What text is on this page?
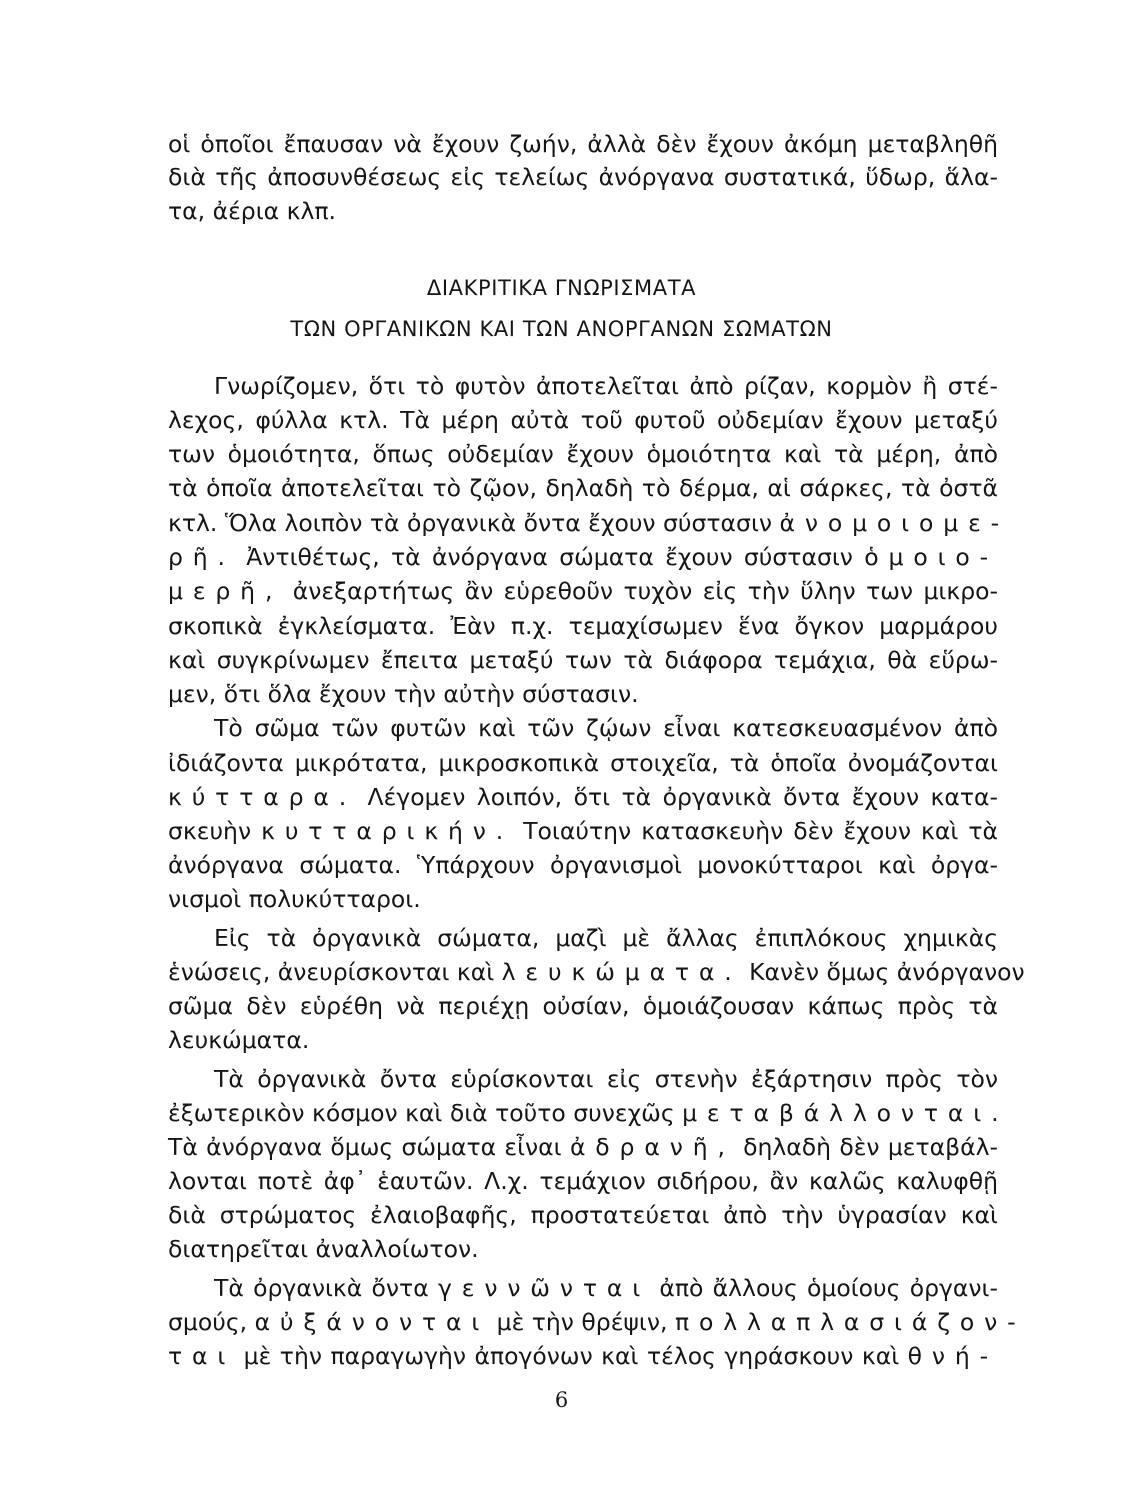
οἱ ὁποῖοι ἔπαυσαν νὰ ἔχουν ζωήν, ἀλλὰ δὲν ἔχουν ἀκόμη μεταβληθῆ
διὰ τῆς ἀποσυνθέσεως εἰς τελείως ἀνόργανα συστατικά, ὕδωρ, ἅλα-
τα, ἀέρια κλπ.
ΔΙΑΚΡΙΤΙΚΑ ΓΝΩΡΙΣΜΑΤΑ
ΤΩΝ ΟΡΓΑΝΙΚΩΝ ΚΑΙ ΤΩΝ ΑΝΟΡΓΑΝΩΝ ΣΩΜΑΤΩΝ
Γνωρίζομεν, ὅτι τὸ φυτὸν ἀποτελεῖται ἀπὸ ρίζαν, κορμὸν ἢ στέ-
λεχος, φύλλα κτλ. Τὰ μέρη αὐτὰ τοῦ φυτοῦ οὐδεμίαν ἔχουν μεταξύ
των ὁμοιότητα, ὅπως οὐδεμίαν ἔχουν ὁμοιότητα καὶ τὰ μέρη, ἀπὸ
τὰ ὁποῖα ἀποτελεῖται τὸ ζῷον, δηλαδὴ τὸ δέρμα, αἱ σάρκες, τὰ ὀστᾶ
κτλ. Ὅλα λοιπὸν τὰ ὀργανικὰ ὄντα ἔχουν σύστασιν ἀνομοιομε-
ρῆ. Ἀντιθέτως, τὰ ἀνόργανα σώματα ἔχουν σύστασιν ὁμοιο-
μερῆ, ἀνεξαρτήτως ἂν εὑρεθοῦν τυχὸν εἰς τὴν ὕλην των μικρο-
σκοπικὰ ἐγκλείσματα. Ἐὰν π.χ. τεμαχίσωμεν ἕνα ὄγκον μαρμάρου
καὶ συγκρίνωμεν ἔπειτα μεταξύ των τὰ διάφορα τεμάχια, θὰ εὕρω-
μεν, ὅτι ὅλα ἔχουν τὴν αὐτὴν σύστασιν.
Τὸ σῶμα τῶν φυτῶν καὶ τῶν ζῴων εἶναι κατεσκευασμένον ἀπὸ
ἰδιάζοντα μικρότατα, μικροσκοπικὰ στοιχεῖα, τὰ ὁποῖα ὀνομάζονται
κύτταρα. Λέγομεν λοιπόν, ὅτι τὰ ὀργανικὰ ὄντα ἔχουν κατα-
σκευὴν κυτταρικήν. Τοιαύτην κατασκευὴν δὲν ἔχουν καὶ τὰ
ἀνόργανα σώματα. Ὑπάρχουν ὀργανισμοὶ μονοκύτταροι καὶ ὀργα-
νισμοὶ πολυκύτταροι.
Εἰς τὰ ὀργανικὰ σώματα, μαζὶ μὲ ἄλλας ἐπιπλόκους χημικὰς
ἑνώσεις, ἀνευρίσκονται καὶ λευκώματα. Κανὲν ὅμως ἀνόργανον
σῶμα δὲν εὑρέθη νὰ περιέχῃ οὐσίαν, ὁμοιάζουσαν κάπως πρὸς τὰ
λευκώματα.
Τὰ ὀργανικὰ ὄντα εὑρίσκονται εἰς στενὴν ἐξάρτησιν πρὸς τὸν
ἐξωτερικὸν κόσμον καὶ διὰ τοῦτο συνεχῶς μεταβάλλονται.
Τὰ ἀνόργανα ὅμως σώματα εἶναι ἀδρανῆ, δηλαδὴ δὲν μεταβάλ-
λονται ποτὲ ἀφ᾽ ἑαυτῶν. Λ.χ. τεμάχιον σιδήρου, ἂν καλῶς καλυφθῇ
διὰ στρώματος ἐλαιοβαφῆς, προστατεύεται ἀπὸ τὴν ὑγρασίαν καὶ
διατηρεῖται ἀναλλοίωτον.
Τὰ ὀργανικὰ ὄντα γεννῶνται ἀπὸ ἄλλους ὁμοίους ὀργανι-
σμούς, αὐξάνονται μὲ τὴν θρέψιν, πολλαπλασιάζον-
ται μὲ τὴν παραγωγὴν ἀπογόνων καὶ τέλος γηράσκουν καὶ θνή-
6
